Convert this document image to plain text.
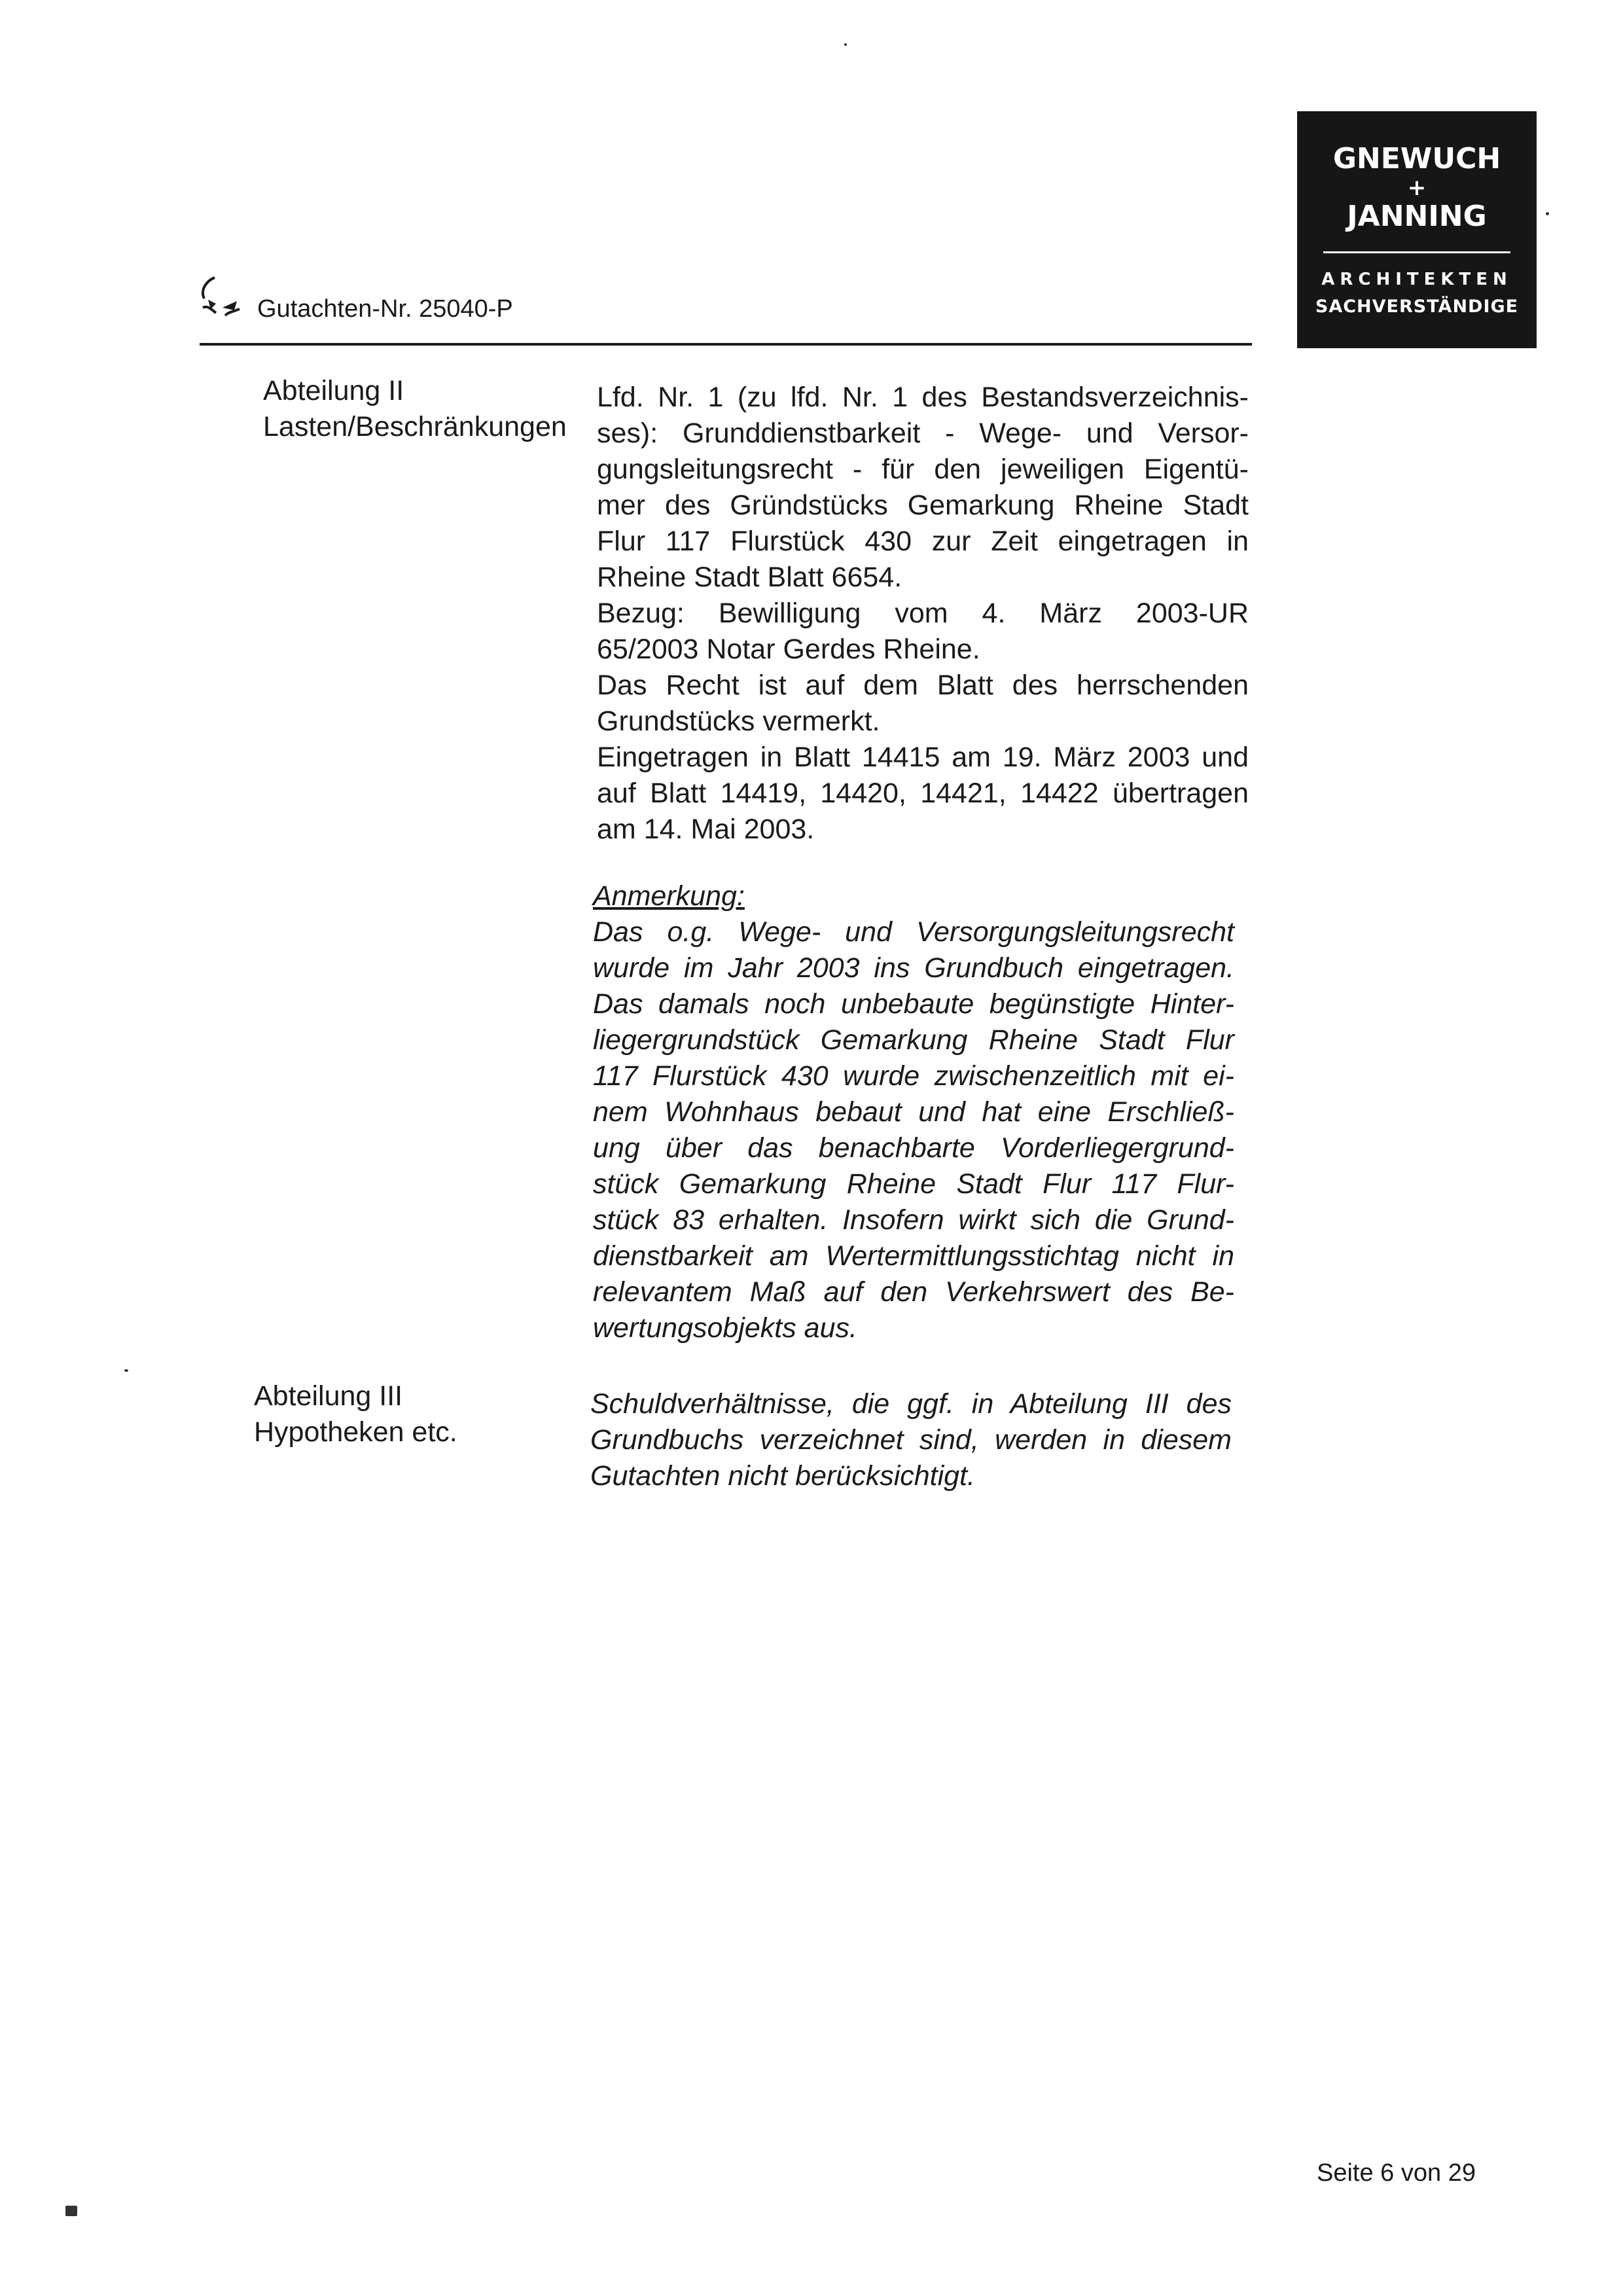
GNEWUCH
+
JANNING
ARCHITEKTEN
SACHVERSTÄNDIGE
Gutachten-Nr. 25040-P
Abteilung II
Lasten/Beschränkungen
Lfd. Nr. 1 (zu lfd. Nr. 1 des Bestandsverzeichnis-
ses): Grunddienstbarkeit - Wege- und Versor-
gungsleitungsrecht - für den jeweiligen Eigentü-
mer des Gründstücks Gemarkung Rheine Stadt
Flur 117 Flurstück 430 zur Zeit eingetragen in
Rheine Stadt Blatt 6654.
Bezug: Bewilligung vom 4. März 2003-UR
65/2003 Notar Gerdes Rheine.
Das Recht ist auf dem Blatt des herrschenden
Grundstücks vermerkt.
Eingetragen in Blatt 14415 am 19. März 2003 und
auf Blatt 14419, 14420, 14421, 14422 übertragen
am 14. Mai 2003.
Anmerkung:
Das o.g. Wege- und Versorgungsleitungsrecht
wurde im Jahr 2003 ins Grundbuch eingetragen.
Das damals noch unbebaute begünstigte Hinter-
liegergrundstück Gemarkung Rheine Stadt Flur
117 Flurstück 430 wurde zwischenzeitlich mit ei-
nem Wohnhaus bebaut und hat eine Erschließ-
ung über das benachbarte Vorderliegergrund-
stück Gemarkung Rheine Stadt Flur 117 Flur-
stück 83 erhalten. Insofern wirkt sich die Grund-
dienstbarkeit am Wertermittlungsstichtag nicht in
relevantem Maß auf den Verkehrswert des Be-
wertungsobjekts aus.
Abteilung III
Hypotheken etc.
Schuldverhältnisse, die ggf. in Abteilung III des
Grundbuchs verzeichnet sind, werden in diesem
Gutachten nicht berücksichtigt.
Seite 6 von 29
